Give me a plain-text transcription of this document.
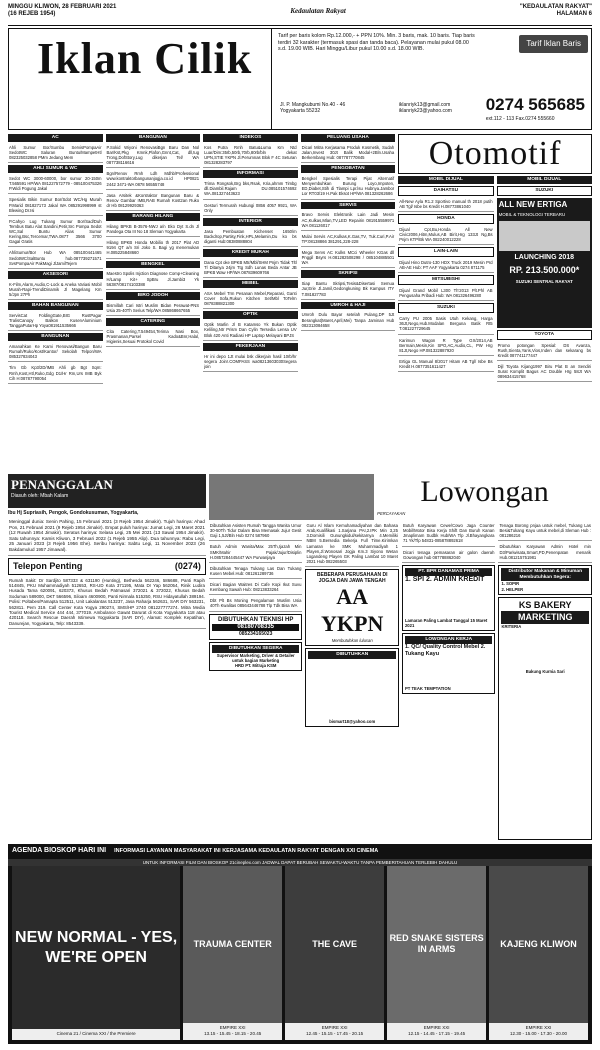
MINGGU KLIWON, 28 FEBRUARI 2021
(16 REJEB 1954)	Kedaulatan Rakyat	"KEDAULATAN RAKYAT"
HALAMAN 6
Iklan Cilik	Tarif per baris kolom Rp.12.000,- + PPN 10%. Min. 3 baris, mak. 10 baris. Tiap baris terdiri 32 karakter (termasuk spasi dan tanda baca). Pelayanan mulai pukul 08.00 s.d. 19.00 WIB. Hari Minggu/Libur pukul 10.00 s.d. 18.00 WIB.
Tarif Iklan Baris
Jl. P. Mangkubumi No.40 - 46 Yogyakarta 55232
iklanriyk13@gmail.com
iklanriyk23@yahoo.com 0274 565685
ext.112 - 113 Fax.0274 555660
AC
Ahli Sumur Bor/Sumbu ServisPompaAir SedotWC Saluran Buntu/MampetHtl 082325032858 PMm Jedang Mem
AHLI SUMUR & WC
Sedot WC 3000-60000, bor sumur 20-150m T.565591 HP/WA 081227572779 - 085100475326 P.Widi Pogung Jakal
Spesialis Bikin Sumur Bor/Sdot WC/Hg Murah P.Marid 081827173 Jakal WA 085291998999 st Blewing Dr.Isi
P.Cahyo Lug Tukang Sumur Bor/Sad/Duh Tembus Batu Alat Sandini,Petir,Src Pompa Sedot WC,Sal Buntu Alias Sumur Kering,Bsc,Tercemar,TWA.0877 3566 3700 Gagal Gratis
AhliSumur/Bor Hub WA 085100441465 SedotWC/SalBuntu hub.087739271571 SvsPompaAir PakMagi JlJamilTejem
AKSESORI
K-Film,Alarm,Audio,C-Lock & Aneka Variasi Mobil Murah-Rapi-TrendiDinamik Jl Magelang Km 5/Jpn 27Ph
BAHAN BANGUNAN
ServisCat FoldingGate,BIG RustPagar TralisCanopy Balkon KusenAluminium TanggaPutarHp Yoya081911535666
BANGUNAN
Amanahkan Ke Kami Renovasi/Bangun Baru Rumah/Ruko/Kost/Kantor/ Sekolah Telpon/WA 085327834043
Tim Gb Kp3/2D/IMB Ahli gb Bgt Sqm: Rmh,Kost,Htl,Ruko,Gdg D1/Hr Rm,Urs IMB Byk Cih H:08787790054
BANGUNAN
P.Sokid Wiyoni RenovasiBgn Baru Dan Nol Bar/Kst,Pkg Kmnk,Plafon,Gnnt,Cat, dll,tug Trong,DofStory,Lug dikerjan Tel/ WA 087738116616
Bgn/Renov Rmh Ldh Mdhb/Professional www.kontraktorbangunanjogja.co.id HP0821 2442 3471-WA 0878 56555748
Jasa Arsitek &Kontraktor Bangunan Baru & Renov Gambar IMB,RAB Rumah Kost2an Ruko dr Hb 08129929363
BARANG HILANG
Hilang BPKB B-3576-NWJ a/n Eko Dyt S.dn Jl Pandega Ota III No 18 Sleman Yogyakarta
Hilang BPKB Honda Mobilio th 2017 Plat AD 9194 QT a/n Sri Joko S. Bagi yg menemukan H.085225848660
BENGKEL
Maestro Spolis Injction Diagnose Comp+Cleaning H/Lamp Kit+ SpBru Jl.Jambi3 Yk 56387/08174103388
BIRO JODOH
Bismillah Cari Istri Muslim Bidan Perawat-PNS Usia 25-40Th Serius Telp/WA 085868667655
CATERING
Cita Catering,T.549454,Terima Nasi Box, Prasmanan,Parsel Kado&Bnr,Halal, Higienis,Sesuai Protokol Covid
INDEKOS
Kos Putra Rmh Batu&Luma Km Ntd Luar/Dim:35rb,50rb,70rb,80rb/bln dekat UPN,STIE YKPN Jl.Perumnas Blok F 4C Seturan 081328283797
INFORMASI
Trima Rongsok,Brg bks,Rsak, Kria,ahmm Timbg dll.Diambil.Rajam DU.085101574692 WA.081327443623
Gesturi Termurah Hubungi 0856 4057 9921, WA Only
INTERIOR
Jasa Pembuatan Kichenset 1650/m Backdrop,Partisy,Fink,HPL,Melamin,Du ko bs diganti Hub:08380888804
KREDIT MURAH
Dana Cpt oke BPKB Mtr/Mbl/SHM Pnjm Tidak Tltl Tl Ditanya 24jm Ttg Sdh Lunas Beda Antar JB BPKB Waw HP/WA 087839609766
MEBEL
ASA Mebel Trm Pesanan Mebel,Reparasi, Ganti Cover Sofa,Rukun Kitchen Set/Mbl ToTelrn 0878388821300
OPTIK
Optik Marlin Jl B Katamso Yk Bukan Optik Keliling,Ntr Prism Dan Cylin Tersedia Lensa UV Blok 420 Anti Radiasi HP Laptop Melayani BPJS
PEKERJAAN
Hr ini depo 1Jt mulai bsk dikerjain hasil 10rb/hr segera Join!.COMPASS wa08213603030Segera join
PELUANG USAHA
Dicari Mitra Kerjasama Produk Kosmetik, Sudah Jalan,Invest 30Jt Balik Modal+2Bln.Usaha Berkembang Hub: 087787770845
PENGOBATAN
Bengkel Spesialis Terapi Pijat Alternatif Menyembuhkan Burung Loyo,Impoten, ED,Diabet,Stih di Tlampi Lpr.lsu Hubnya.Jambor Lor RT03/19 H.Pak Eksot HP/WA 081328262686
SERVIS
Bravo Servis Elektronik Lain Jadi Mesin AC,Kulkas,Mlan,TV,LED Repairin 081915559971 WA 081126017
Mulai Servis AC,Kulkas,K.Gas,TV, Tuk.Curi,P.Air TP:08138866 381291,228-228
Mega Servs AC Kulks MCci Wheeler KGas dll Pnggil Bsyrs H.081282508298 / 085104885501 WA
SKRIPSI
Siap Bantu Skripsi,Tesis&Disertasi Semua Jur,Erie Jl.Jamil,Gedongkuning Bk Kampus ITY T.081827783
UMROH & HAJI
Umroh Dulu Bayar setelah Pulang,DP 5Jt Berangkat(Maret,April,Mei) Tanpa Jaminan Hub 082313084658
Otomotif
MOBIL DIJUAL
DAIHATSU
All-New Ayla R1.2 Sportivo manual th 2018 putih AB Tgl/ Isbe bs Kredit H.08773861040
HONDA
Dijual Cpt,Bu,Honda All New Civic2006,Hitm,Mulus,AB Birit,Hrg 133Jt Ng,Bs Pnjm KTP/Bk WA 082240012228
LAIN-LAIN
Dijual Hino Dutro-130 HDX Truck 2019 Mesin Prd AB-AE Hub: PT AAF Yogyakarta 0274 871175
MITSUBISHI
Dijual Grand Mobil L300 Th'2013 Plt.Phl AB Pengusaha Pribadi Hub: WA 081326496280
SUZUKI
Carry PU 2005 Sasis Utuh Kekang, Harga 36Jt,Nego,Hub.Modalan Berguna Batik Rt5 T.081227729645
Karimun Wagon R Type GX/2014,AB Bermain,Mesin,Kin SPO,AC,Audio,CL, PW Hrg 81Jt,Nego HP.081322887920
Ertiga GL Manual 8/2017 Hitam AB Tgl/ Isbe Bs Kredit H.0877351611427
MOBIL DIJUAL
SUZUKI
ALL NEW ERTIGA
MOBIL & TEKNOLOGI TERBARU
LAUNCHING 2018
RP. 213.500.000*
SUZUKI SENTRAL RAKYAT
TOYOTA
Promo potongan Spesial: DS Avanza, Rush,Sienta,Yaris,Vios,Inden dan sekarang bs Kredit 087741177447
Dijl Toyota Kijang1997 Biru Plat B an Sendiri Surat Komplit Bagus AC Double Hrg 58Jt WA 089634415768
PENANGGALAN
Diasuh oleh: Mbah Kalam
Ibu Hj Supriasih, Pengok, Gondokusuman, Yogyakarta,
Meninggal dunia: Senin Pahing, 15 Februari 2021 (3 Rejeb 1954 Jimakir). Tujuh harinya: Ahad Pon, 21 Februari 2021 (9 Rejeb 1954 Jimakir). Empat puluh harinya: Jumat Legi, 26 Maret 2021 (12 Ruwah 1954 Jimakir). Seratus harinya: Selasa Legi, 25 Mei 2021 (13 Sawal 1954 Jimakir). Satu tahunnya: Kamis Kliwon, 3 Februari 2022 (1 Rejeb 1955 Alip). Dua tahunnya: Rabu Legi, 25 Januari 2023 (3 Rejeb 1956 Ehe). Seribu harinya: Sabtu Legi, 11 November 2023 (26 Bakdamulud 1957 Jimawal).
Telepon Penting	(0274)
Rumah Sakit: Dr Sardjito 587333 & 631190 (Hunting), Bethesda 562246, 586688, Panti Rapih 514845, PKU Muhammadiyah 512653, RS-UD Kota 371195, Mata Dr Yap 562054, Rinik Ludira Husada Tama 620091, 620373, Khusus Bedah Patmasari 372021 & 372022, Khusus Bedah Soduman 589000, DKT 566596, Siloam 4600900, Panti Nirmala 515250, RSU Hidayatullah 389194. Polisi: Poltabes/Pamapta 512511, Unit Lakalantas 513237, Jasa Raharja 562631, SAR DIY 563231, 562811. Pem 319. Call Center Kota Yogya 290274, SMS/HP 2740 081227777274. Mitra Media Tourist Medical Service 444 444, 377019. Ambulance Gawat Darurat di Kota Yogyakarta 118 atau 420118. Search Rescue Daerah Istimewa Yogyakarta (SAR DIY), Alamat: Komplek Kepatihan, Danurejan, Yogyakarta, Telp: 8543339.
Lowongan
PERCAYAKAN
Dibutuhkan Asisten Rumah Tangga Wanita Umur 30-50Th Tidur Dalam Bisa Memasak Jujur Gesit Gaji 1,5Jt/Bln Hub 0274 587960
Butuh Admin Wanita/Max 25Th,Ijazah Min SMK/Mahir Pajak/Jujur/Disiplin H.0857284445447 WA Purwanjaya
Dibutuhkan Tenaga Tukang Las Dan Tukang Kusen Mebel.Hub: 081261289736
Dicari Bagian Waitres Di Cafe Kopi Ikut Suvu Kembang Sawah Hub: 08213833264
Dbt Plt Bs Moning Pengalaman Muslim Usia 40Th Kwalitas 085643446788 Tlp Tdk Bisa WA
DIBUTUHKAN TEKNISI HP
08180708335
085234165023
DIBUTUHKAN SEGERA
Supervisor Marketing, Driver & Detailer untuk bagian Marketing
HRD PT. Mitraja KSM
Guru Al Islam Kemuhamadiyahan dan Bahasa Arab,Kualifikasi 1.Sarjana PAI,2.IPK Min 3,25 3.Domisili Gunungkidul/sekitarnya 4.Memiliki NBM 5.Bersedia Bekerja Full Time.Kirimkan Lamaran ke SMK Muhammadiyah 1 Playen,Jl.Wonosari Jogja Km.3 Siyono Wetan Logandeng Playen GK Paling Lambat 10 Maret 2021 Hub 082265503
BEBERAPA PERUSAHAAN DI JOGJA DAN JAWA TENGAH
AA YKPN
Membutuhkan lulusan
DIBUTUHKAN
bismart18@yahoo.com
Butuh Karyawan Cewe/Cowo Jaga Counter Mobil/Motor Bisa Kerja Shift Dan Buruh Kanan Jmaplimam Sudbk Hub/WA Tlp Jl.Bhayangkara 71 Yk/Tlp 54831-085878892618
Dicari tenaga pemasaran air galon daerah Gowongan hub 087788862040
PT. BPR DANAMAS PRIMA
1. SPI 2. ADMIN KREDIT
Lamaran Paling Lambat Tanggal 15 Maret 2021
LOWONGAN KERJA
1. QC/ Quality Control Mebel 2. Tukang Kayu
PT TEAK TEMPTATION
Tenaga Borong pnjaa untuk mebel, Tukang Las Besi&Tukang Kayu untuk mebel,di Sleman Hub : 081286216
Dibutuhkan Karyawan Admin Hotel min D3/Pariwisata,Smart,PD,Penenpatan menarik Hub.081215751981
Distributor Makanan & Minuman Membutuhkan Segera:
1. SOPIR
2. HELPER
KS BAKERY
MARKETING
KRITERIA
Bakung Kurnia Sari
AGENDA BIOSKOP HARI INI INFORMASI LAYANAN MASYARAKAT INI KERJASAMA KEDAULATAN RAKYAT DENGAN XXI CINEMA
UNTUK INFORMASI FILM DAN BIOSKOP 21cineplex.com JADWAL DAPAT BERUBAH SEWAKTU-WAKTU TANPA PEMBERITAHUAN TERLEBIH DAHULU
NEW NORMAL - YES, WE'RE OPEN
Cinema 21 / Cinema XXI / the Premiere
TRAUMA CENTER
EMPIRE XXI
13.15 - 15.45 - 18.15 - 20.45
THE CAVE
EMPIRE XXI
12.45 - 15.15 - 17.45 - 20.15
RED SNAKE SISTERS IN ARMS
EMPIRE XXI
12.15 - 14.45 - 17.15 - 19.45
KAJENG KLIWON
EMPIRE XXI
12.30 - 15.00 - 17.30 - 20.00
